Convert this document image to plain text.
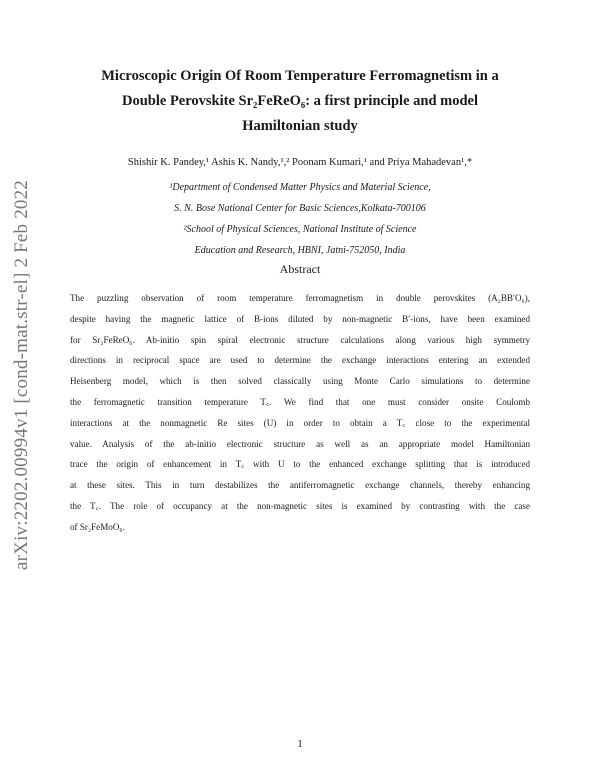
arXiv:2202.00994v1 [cond-mat.str-el] 2 Feb 2022
Microscopic Origin Of Room Temperature Ferromagnetism in a
Double Perovskite Sr₂FeReO₆: a first principle and model
Hamiltonian study
Shishir K. Pandey,¹ Ashis K. Nandy,¹,² Poonam Kumari,¹ and Priya Mahadevan¹,*
¹Department of Condensed Matter Physics and Material Science,
S. N. Bose National Center for Basic Sciences,Kolkata-700106
²School of Physical Sciences, National Institute of Science
Education and Research, HBNI, Jatni-752050, India
Abstract
The puzzling observation of room temperature ferromagnetism in double perovskites (A₂BB′O₆),
despite having the magnetic lattice of B-ions diluted by non-magnetic B′-ions, have been examined
for Sr₂FeReO₆. Ab-initio spin spiral electronic structure calculations along various high symmetry
directions in reciprocal space are used to determine the exchange interactions entering an extended
Heisenberg model, which is then solved classically using Monte Carlo simulations to determine
the ferromagnetic transition temperature T꜀. We find that one must consider onsite Coulomb
interactions at the nonmagnetic Re sites (U) in order to obtain a T꜀ close to the experimental
value. Analysis of the ab-initio electronic structure as well as an appropriate model Hamiltonian
trace the origin of enhancement in T꜀ with U to the enhanced exchange splitting that is introduced
at these sites. This in turn destabilizes the antiferromagnetic exchange channels, thereby enhancing
the T꜀. The role of occupancy at the non-magnetic sites is examined by contrasting with the case
of Sr₂FeMoO₆.
1
